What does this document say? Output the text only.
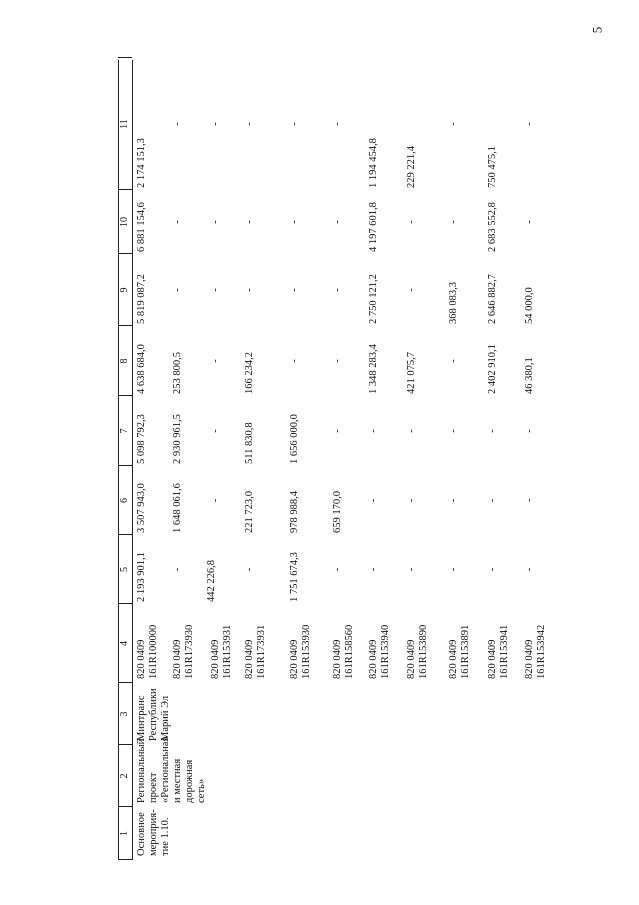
5
1
2
3
4
5
6
7
8
9
10
11
Основное мероприя-тие 1.10.
Региональный проект «Региональная и местная дорожная сеть»
Минтранс Республики Марий Эл
820 0409 161R100000
2 193 901,1
3 507 943,0
5 098 792,3
4 638 684,0
5 819 087,2
6 881 154,6
2 174 151,3
820 0409 161R173930
-
1 648 061,6
2 930 961,5
253 800,5
-
-
-
820 0409 161R153931
442 226,8
-
-
-
-
-
-
820 0409 161R173931
-
221 723,0
511 830,8
166 234,2
-
-
-
820 0409 161R153930
1 751 674,3
978 988,4
1 656 000,0
-
-
-
-
820 0409 161R158560
-
659 170,0
-
-
-
-
-
820 0409 161R153940
-
-
-
1 348 283,4
2 750 121,2
4 197 601,8
1 194 454,8
820 0409 161R153890
-
-
-
421 075,7
-
-
229 221,4
820 0409 161R153891
-
-
-
-
368 083,3
-
-
820 0409 161R153941
-
-
-
2 402 910,1
2 646 882,7
2 683 552,8
750 475,1
820 0409 161R153942
-
-
-
46 380,1
54 000,0
-
-
